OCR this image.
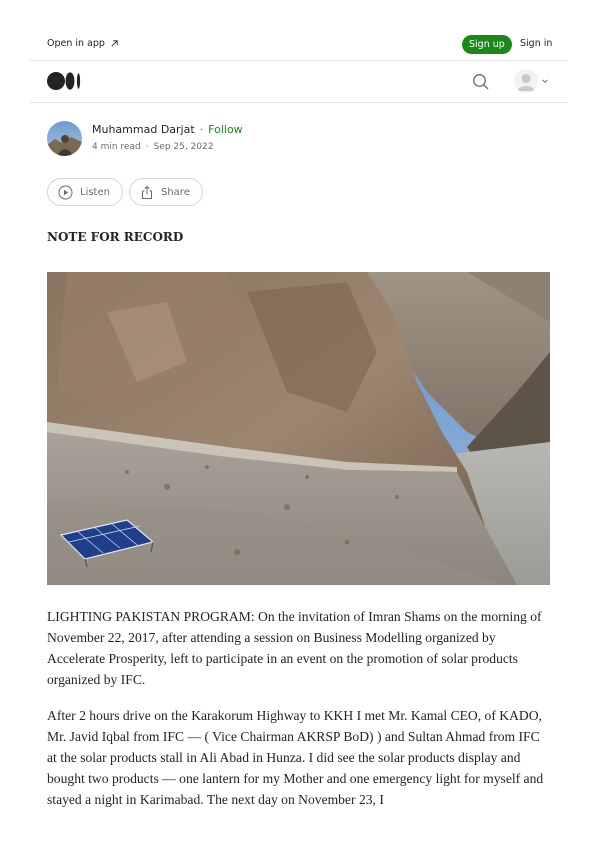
Open in app	Sign up	Sign in
Muhammad Darjat · Follow
4 min read · Sep 25, 2022
Listen	Share
NOTE FOR RECORD

LIGHTING PAKISTAN PROGRAM: On the invitation of Imran Shams on the morning of November 22, 2017, after attending a session on Business Modelling organized by Accelerate Prosperity, left to participate in an event on the promotion of solar products organized by IFC.

After 2 hours drive on the Karakorum Highway to KKH I met Mr. Kamal CEO, of KADO, Mr. Javid Iqbal from IFC — ( Vice Chairman AKRSP BoD) ) and Sultan Ahmad from IFC at the solar products stall in Ali Abad in Hunza. I did see the solar products display and bought two products — one lantern for my Mother and one emergency light for myself and stayed a night in Karimabad. The next day on November 23, I
